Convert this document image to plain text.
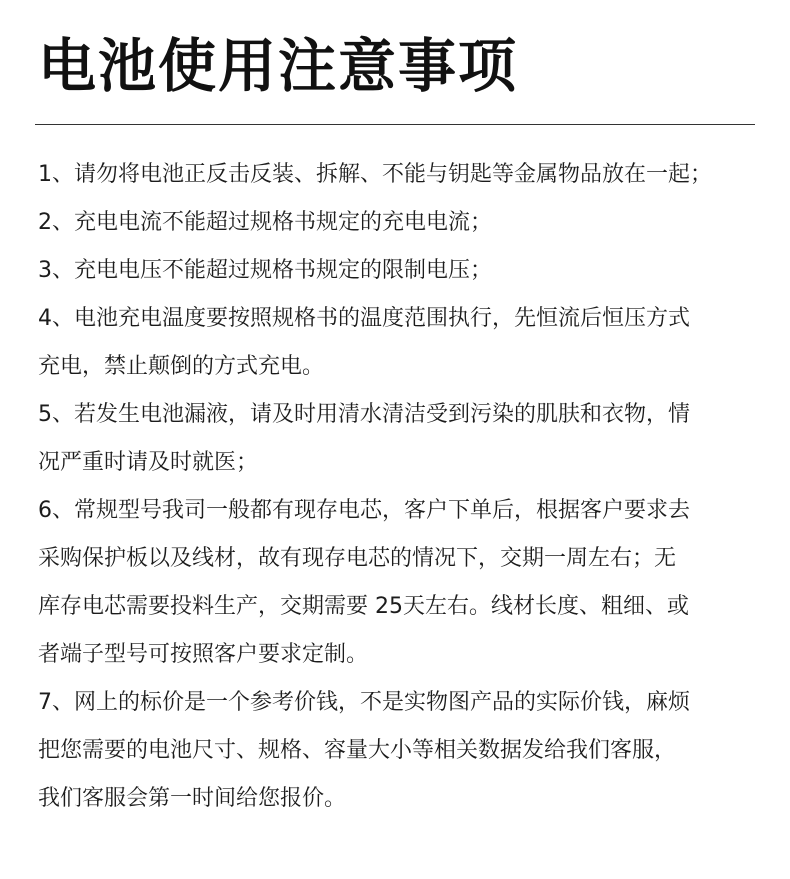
电池使用注意事项
1、请勿将电池正反击反装、拆解、不能与钥匙等金属物品放在一起；
2、充电电流不能超过规格书规定的充电电流；
3、充电电压不能超过规格书规定的限制电压；
4、电池充电温度要按照规格书的温度范围执行，先恒流后恒压方式
充电，禁止颠倒的方式充电。
5、若发生电池漏液，请及时用清水清洁受到污染的肌肤和衣物，情
况严重时请及时就医；
6、常规型号我司一般都有现存电芯，客户下单后，根据客户要求去
采购保护板以及线材，故有现存电芯的情况下，交期一周左右；无
库存电芯需要投料生产，交期需要 25天左右。线材长度、粗细、或
者端子型号可按照客户要求定制。
7、网上的标价是一个参考价钱，不是实物图产品的实际价钱，麻烦
把您需要的电池尺寸、规格、容量大小等相关数据发给我们客服，
我们客服会第一时间给您报价。
